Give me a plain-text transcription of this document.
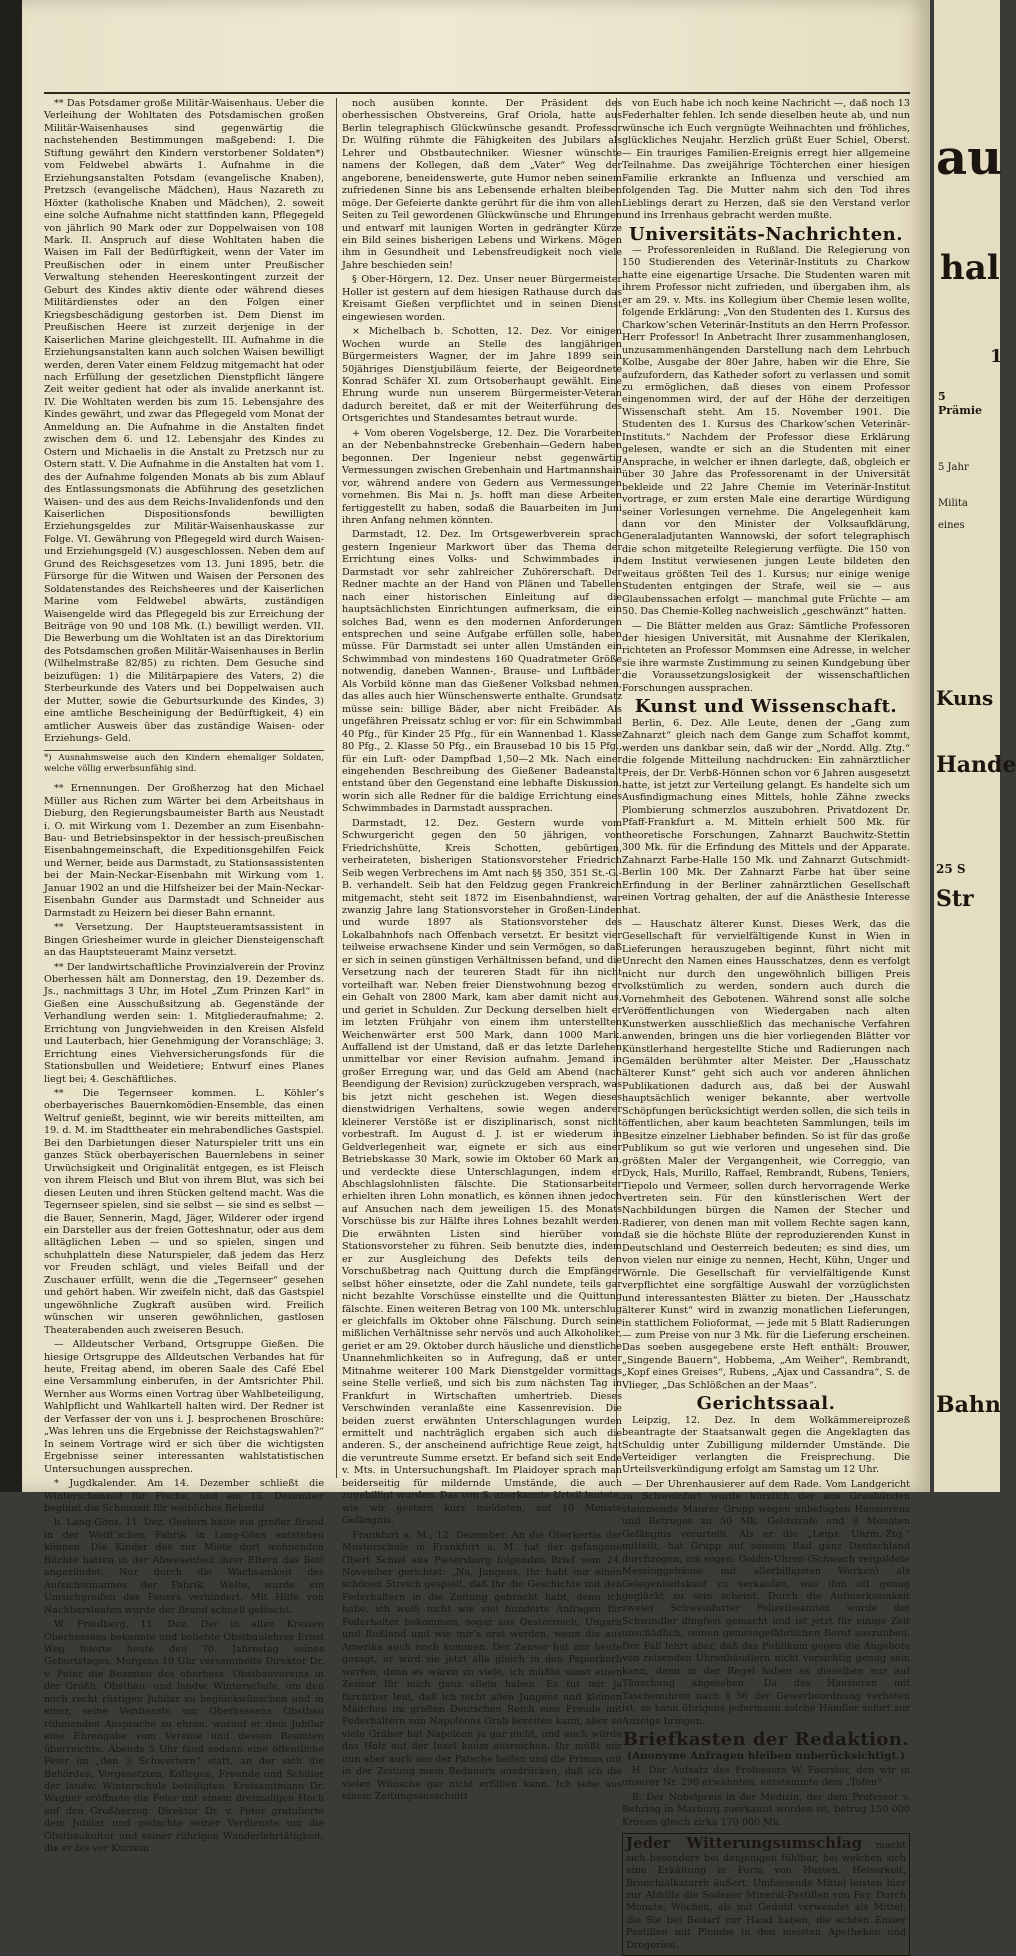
** Das Potsdamer große Militär-Waisenhaus. Ueber die Verleihung der Wohltaten des Potsdamischen großen Militär-Waisenhauses sind gegenwärtig die nachstehenden Bestimmungen maßgebend: I. Die Stiftung gewährt den Kindern verstorbener Soldaten*) vom Feldwebel abwärts 1. Aufnahme in die Erziehungsanstalten Potsdam (evangelische Knaben), Pretzsch (evangelische Mädchen), Haus Nazareth zu Höxter (katholische Knaben und Mädchen), 2. soweit eine solche Aufnahme nicht stattfinden kann, Pflegegeld von jährlich 90 Mark oder zur Doppelwaisen von 108 Mark. II. Anspruch auf diese Wohltaten haben die Waisen im Fall der Bedürftigkeit, wenn der Vater im Preußischen oder in einem unter Preußischer Verwaltung stehenden Heereskontingent zurzeit der Geburt des Kindes aktiv diente oder während dieses Militärdienstes oder an den Folgen einer Kriegsbeschädigung gestorben ist. Dem Dienst im Preußischen Heere ist zurzeit derjenige in der Kaiserlichen Marine gleichgestellt. III. Aufnahme in die Erziehungsanstalten kann auch solchen Waisen bewilligt werden, deren Vater einem Feldzug mitgemacht hat oder nach Erfüllung der gesetzlichen Dienstpflicht längere Zeit weiter gedient hat oder als invalide anerkannt ist. IV. Die Wohltaten werden bis zum 15. Lebensjahre des Kindes gewährt, und zwar das Pflegegeld vom Monat der Anmeldung an. Die Aufnahme in die Anstalten findet zwischen dem 6. und 12. Lebensjahr des Kindes zu Ostern und Michaelis in die Anstalt zu Pretzsch nur zu Ostern statt. V. Die Aufnahme in die Anstalten hat vom 1. des der Aufnahme folgenden Monats ab bis zum Ablauf des Entlassungsmonats die Abführung des gesetzlichen Waisen- und des aus dem Reichs-Invalidenfonds und den Kaiserlichen Dispositionsfonds bewilligten Erziehungsgeldes zur Militär-Waisenhauskasse zur Folge. VI. Gewährung von Pflegegeld wird durch Waisen- und Erziehungsgeld (V.) ausgeschlossen. Neben dem auf Grund des Reichsgesetzes vom 13. Juni 1895, betr. die Fürsorge für die Witwen und Waisen der Personen des Soldatenstandes des Reichsheeres und der Kaiserlichen Marine vom Feldwebel abwärts, zuständigen Waisengelde wird das Pflegegeld bis zur Erreichung der Beiträge von 90 und 108 Mk. (I.) bewilligt werden. VII. Die Bewerbung um die Wohltaten ist an das Direktorium des Potsdamschen großen Militär-Waisenhauses in Berlin (Wilhelmstraße 82/85) zu richten. Dem Gesuche sind beizufügen: 1) die Militärpapiere des Vaters, 2) die Sterbeurkunde des Vaters und bei Doppelwaisen auch der Mutter, sowie die Geburtsurkunde des Kindes, 3) eine amtliche Bescheinigung der Bedürftigkeit, 4) ein amtlicher Ausweis über das zuständige Waisen- oder Erziehungs- Geld.

*) Ausnahmsweise auch den Kindern ehemaliger Soldaten, welche völlig erwerbsunfähig sind.

** Ernennungen. Der Großherzog hat den Michael Müller aus Richen zum Wärter bei dem Arbeitshaus in Dieburg, den Regierungsbaumeister Barth aus Neustadt i. O. mit Wirkung vom 1. Dezember an zum Eisenbahn-Bau- und Betriebsinspektor in der hessisch-preußischen Eisenbahngemeinschaft, die Expeditionsgehilfen Feick und Werner, beide aus Darmstadt, zu Stationsassistenten bei der Main-Neckar-Eisenbahn mit Wirkung vom 1. Januar 1902 an und die Hilfsheizer bei der Main-Neckar-Eisenbahn Gunder aus Darmstadt und Schneider aus Darmstadt zu Heizern bei dieser Bahn ernannt.

** Versetzung. Der Hauptsteueramtsassistent in Bingen Griesheimer wurde in gleicher Diensteigenschaft an das Hauptsteueramt Mainz versetzt.

** Der landwirtschaftliche Provinzialverein der Provinz Oberhessen hält am Donnerstag, den 19. Dezember ds. Js., nachmittags 3 Uhr, im Hotel „Zum Prinzen Karl“ in Gießen eine Ausschußsitzung ab. Gegenstände der Verhandlung werden sein: 1. Mitgliederaufnahme; 2. Errichtung von Jungviehweiden in den Kreisen Alsfeld und Lauterbach, hier Genehmigung der Voranschläge; 3. Errichtung eines Viehversicherungsfonds für die Stationsbullen und Weidetiere; Entwurf eines Planes liegt bei; 4. Geschäftliches.

** Die Tegernseer kommen. L. Köhler’s oberbayerisches Bauernkomödien-Ensemble, das einen Weltruf genießt, beginnt, wie wir bereits mitteilten, am 19. d. M. im Stadttheater ein mehrabendliches Gastspiel. Bei den Darbietungen dieser Naturspieler tritt uns ein ganzes Stück oberbayerischen Bauernlebens in seiner Urwüchsigkeit und Originalität entgegen, es ist Fleisch von ihrem Fleisch und Blut von ihrem Blut, was sich bei diesen Leuten und ihren Stücken geltend macht. Was die Tegernseer spielen, sind sie selbst — sie sind es selbst — die Bauer, Sennerin, Magd, Jäger, Wilderer oder irgend ein Darsteller aus der freien Gotteshnatur, oder aus dem alltäglichen Leben — und so spielen, singen und schuhplatteln diese Naturspieler, daß jedem das Herz vor Freuden schlägt, und vieles Beifall und der Zuschauer erfüllt, wenn die die „Tegernseer“ gesehen und gehört haben. Wir zweifeln nicht, daß das Gastspiel ungewöhnliche Zugkraft ausüben wird. Freilich wünschen wir unseren gewöhnlichen, gastlosen Theaterabenden auch zweiseren Besuch.

— Alldeutscher Verband, Ortsgruppe Gießen. Die hiesige Ortsgruppe des Alldeutschen Verbandes hat für heute, Freitag abend, im oberen Saale des Café Ebel eine Versammlung einberufen, in der Amtsrichter Phil. Wernher aus Worms einen Vortrag über Wahlbeteiligung, Wahlpflicht und Wahlkartell halten wird. Der Redner ist der Verfasser der von uns i. J. besprochenen Broschüre: „Was lehren uns die Ergebnisse der Reichstagswahlen?“ In seinem Vortrage wird er sich über die wichtigsten Ergebnisse seiner interessanten wahlstatistischen Untersuchungen aussprechen.

* Jugdkalender. Am 14. Dezember schließt die Winterschonzeit für Fische, und am 15. Dezember beginnt die Schonzeit für weibliches Rehwild.

b. Lang-Göns, 11. Dez. Gestern hätte ein großer Brand in der Wolff’schen Fabrik in Lang-Göns entstehen können. Die Kinder des zur Miete dort wohnenden Büchte hatten in der Abwesenheit ihrer Eltern das Bett angezündet. Nur durch die Wachsamkeit des Aufsichtsmannes der Fabrik, Welte, wurde ein Umsichgreifen des Feuers verhindert. Mit Hilfe von Nachbarsleuten wurde der Brand schnell gelöscht.

W. Friedberg, 11. Dez. Der in allen Kreisen Oberhessens bekannte und beliebte Obstbaulehrer Ernst Weg feierte heute den 70. Jahrestag seines Geburtstages. Morgens 10 Uhr versammelte Direktor Dr. v. Peter die Beamten des oberhess. Obstbauvereins in der Großh. Obstbau- und landw. Winterschule, um den noch recht rüstigen Jubilar zu beglückwünschen und in einer, seine Verdienste um Oberhessens Obstbau rühmenden Ansprache zu ehren, worauf er dem Jubilar eine Ehrengabe vom Vereine und dessen Beamten überreichte. Abends 5 Uhr fand sodann eine öffentliche Feier im „den 3 Schwertern“ statt, an der sich die Behörden, Vorgesetzten, Kollegen, Freunde und Schüler der landw. Winterschule beteiligten. Kreisamtmann Dr. Wagner eröffnete die Feier mit einem dreimaligen Hoch auf den Großherzog. Direktor Dr. v. Peter gratulierte dem Jubilar und gedachte seiner Verdienste um die Obstbaukultur und seiner rührigen Wanderlehrtätigkeit, die er bis vor Kurzem

noch ausüben konnte. Der Präsident des oberhessischen Obstvereins, Graf Oriola, hatte aus Berlin telegraphisch Glückwünsche gesandt. Professor Dr. Wülfing rühmte die Fähigkeiten des Jubilars als Lehrer und Obstbautechniker. Wiesner wünschte namens der Kollegen, daß dem „Vater“ Weg der angeborene, beneidenswerte, gute Humor neben seinem zufriedenen Sinne bis ans Lebensende erhalten bleiben möge. Der Gefeierte dankte gerührt für die ihm von allen Seiten zu Teil gewordenen Glückwünsche und Ehrungen und entwarf mit launigen Worten in gedrängter Kürze ein Bild seines bisherigen Lebens und Wirkens. Mögen ihm in Gesundheit und Lebensfreudigkeit noch viele Jahre beschieden sein!

§ Ober-Hörgern, 12. Dez. Unser neuer Bürgermeister Holler ist gestern auf dem hiesigen Rathause durch das Kreisamt Gießen verpflichtet und in seinen Dienst eingewiesen worden.

× Michelbach b. Schotten, 12. Dez. Vor einigen Wochen wurde an Stelle des langjährigen Bürgermeisters Wagner, der im Jahre 1899 sein 50jähriges Dienstjubiläum feierte, der Beigeordnete Konrad Schäfer XI. zum Ortsoberhaupt gewählt. Eine Ehrung wurde nun unserem Bürgermeister-Veteran dadurch bereitet, daß er mit der Weiterführung des Ortsgerichtes und Standesamtes betraut wurde.

+ Vom oberen Vogelsberge, 12. Dez. Die Vorarbeiten an der Nebenbahnstrecke Grebenhain—Gedern haben begonnen. Der Ingenieur nebst gegenwärtig Vermessungen zwischen Grebenhain und Hartmannshain vor, während andere von Gedern aus Vermessungen vornehmen. Bis Mai n. Js. hofft man diese Arbeiten fertiggestellt zu haben, sodaß die Bauarbeiten im Juni ihren Anfang nehmen könnten.

Darmstadt, 12. Dez. Im Ortsgewerbverein sprach gestern Ingenieur Markwort über das Thema der Errichtung eines Volks- und Schwimmbades in Darmstadt vor sehr zahlreicher Zuhörerschaft. Der Redner machte an der Hand von Plänen und Tabellen nach einer historischen Einleitung auf die hauptsächlichsten Einrichtungen aufmerksam, die ein solches Bad, wenn es den modernen Anforderungen entsprechen und seine Aufgabe erfüllen solle, haben müsse. Für Darmstadt sei unter allen Umständen ein Schwimmbad von mindestens 160 Quadratmeter Größe notwendig, daneben Wannen-, Brause- und Luftbäder. Als Vorbild könne man das Gießener Volksbad nehmen, das alles auch hier Wünschenswerte enthalte. Grundsatz müsse sein: billige Bäder, aber nicht Freibäder. Als ungefähren Preissatz schlug er vor: für ein Schwimmbad 40 Pfg., für Kinder 25 Pfg., für ein Wannenbad 1. Klasse 80 Pfg., 2. Klasse 50 Pfg., ein Brausebad 10 bis 15 Pfg., für ein Luft- oder Dampfbad 1,50—2 Mk. Nach einer eingehenden Beschreibung des Gießener Badeanstalt entstand über den Gegenstand eine lebhafte Diskussion, worin sich alle Redner für die baldige Errichtung eines Schwimmbades in Darmstadt aussprachen.

Darmstadt, 12. Dez. Gestern wurde vom Schwurgericht gegen den 50 jährigen, von Friedrichshütte, Kreis Schotten, gebürtigen, verheirateten, bisherigen Stationsvorsteher Friedrich Seib wegen Verbrechens im Amt nach §§ 350, 351 St.-G.-B. verhandelt. Seib hat den Feldzug gegen Frankreich mitgemacht, steht seit 1872 im Eisenbahndienst, war zwanzig Jahre lang Stationsvorsteher in Großen-Linden und wurde 1897 als Stationsvorsteher des Lokalbahnhofs nach Offenbach versetzt. Er besitzt vier teilweise erwachsene Kinder und sein Vermögen, so daß er sich in seinen günstigen Verhältnissen befand, und die Versetzung nach der teureren Stadt für ihn nicht vorteilhaft war. Neben freier Dienstwohnung bezog er ein Gehalt von 2800 Mark, kam aber damit nicht aus, und geriet in Schulden. Zur Deckung derselben hielt er im letzten Frühjahr von einem ihm unterstellten Weichenwärter erst 500 Mark, dann 1000 Mark. Auffallend ist der Umstand, daß er das letzte Darlehen unmittelbar vor einer Revision aufnahm. Jemand in großer Erregung war, und das Geld am Abend (nach Beendigung der Revision) zurückzugeben versprach, was bis jetzt nicht geschehen ist. Wegen dieses dienstwidrigen Verhaltens, sowie wegen anderer kleinerer Verstöße ist er disziplinarisch, sonst nicht vorbestraft. Im August d. J. ist er wiederum in Geldverlegenheit war, eignete er sich aus einer Betriebskasse 30 Mark, sowie im Oktober 60 Mark an, und verdeckte diese Unterschlagungen, indem er Abschlagslohnlisten fälschte. Die Stationsarbeiter erhielten ihren Lohn monatlich, es können ihnen jedoch auf Ansuchen nach dem jeweiligen 15. des Monats Vorschüsse bis zur Hälfte ihres Lohnes bezahlt werden. Die erwähnten Listen sind hierüber vom Stationsvorsteher zu führen. Seib benutzte dies, indem er zur Ausgleichung des Defekts teils den Vorschußbetrag nach Quittung durch die Empfänger selbst höher einsetzte, oder die Zahl nundete, teils gar nicht bezahlte Vorschüsse einstellte und die Quittung fälschte. Einen weiteren Betrag von 100 Mk. unterschlug er gleichfalls im Oktober ohne Fälschung. Durch seine mißlichen Verhältnisse sehr nervös und auch Alkoholiker, geriet er am 29. Oktober durch häusliche und dienstliche Unannehmlichkeiten so in Aufregung, daß er unter Mitnahme weiterer 100 Mark Dienstgelder vormittags seine Stelle verließ, und sich bis zum nächsten Tag in Frankfurt in Wirtschaften umhertrieb. Dieses Verschwinden veranlaßte eine Kassenrevision. Die beiden zuerst erwähnten Unterschlagungen wurden ermittelt und nachträglich ergaben sich auch die anderen. S., der anscheinend aufrichtige Reue zeigt, hat die veruntreute Summe ersetzt. Er befand sich seit Ende v. Mts. in Untersuchungshaft. Im Plaidoyer sprach man beiderseitig für mildernde Umstände, die auch zugebilligt wurden. Das von S. anerkannte Urteil lautete, wie wir gestern kurz meldeten, auf 10 Monate Gefängnis.

Frankfurt a. M., 12. Dezember. An die Oberkertia der Musterschule in Frankfurt a. M. hat der gefangene Obert Schiel aus Pietersburg folgenden Brief vom 24. November gerichtet: „Na, Jungens, Ihr habt mir einen schönen Streich gespielt, daß Ihr die Geschichte mit den Federhaltern in die Zeitung gebracht habt, denn ich habe, ich weiß nicht wie viel hunderte Anfragen für Federhalter bekommen, sogar aus Oesterreich, Ungarn und Rußland und wie mir’s erst werden, wenn die aus Amerika auch noch kommen. Der Zensor hat mir heute gesagt, er wird sie jetzt alle gleich in den Papierkorb werfen, denn es wären zu viele, ich müßte sonst einen Zensor für mich ganz allein haben. Es tut mir ja furchtbar leid, daß ich nicht allen Jungens und kleinen Mädchen im großen Deutschen Reich eine Freude mit Federhaltern von Napoleons Grab bereiten kann, aber so viele Gräber hat Napoleon ja gar nicht, und auch würde das Holz auf der Insel kaum ausreichen. Ihr müßt mir nun aber auch aus der Patsche helfen und die Primus mit in der Zeitung mein Bedauern ausdrücken, daß ich die vielen Wünsche gar nicht erfüllen kann. Ich sehe aus einem Zeitungsausschnitt

von Euch habe ich noch keine Nachricht —, daß noch 13 Federhalter fehlen. Ich sende dieselben heute ab, und nun wünsche ich Euch vergnügte Weihnachten und fröhliches, glückliches Neujahr. Herzlich grüßt Euer Schiel, Oberst. — Ein trauriges Familien-Ereignis erregt hier allgemeine Teilnahme. Das zweijährige Töchterchen einer hiesigen Familie erkrankte an Influenza und verschied am folgenden Tag. Die Mutter nahm sich den Tod ihres Lieblings derart zu Herzen, daß sie den Verstand verlor und ins Irrenhaus gebracht werden mußte.

Universitäts-Nachrichten.

— Professorenleiden in Rußland. Die Relegierung von 150 Studierenden des Veterinär-Instituts zu Charkow hatte eine eigenartige Ursache. Die Studenten waren mit ihrem Professor nicht zufrieden, und übergaben ihm, als er am 29. v. Mts. ins Kollegium über Chemie lesen wollte, folgende Erklärung: „Von den Studenten des 1. Kursus des Charkow’schen Veterinär-Instituts an den Herrn Professor. Herr Professor! In Anbetracht Ihrer zusammenhanglosen, unzusammenhängenden Darstellung nach dem Lehrbuch Kolbe, Ausgabe der 80er Jahre, haben wir die Ehre, Sie aufzufordern, das Katheder sofort zu verlassen und somit zu ermöglichen, daß dieses von einem Professor eingenommen wird, der auf der Höhe der derzeitigen Wissenschaft steht. Am 15. November 1901. Die Studenten des 1. Kursus des Charkow’schen Veterinär-Instituts.“ Nachdem der Professor diese Erklärung gelesen, wandte er sich an die Studenten mit einer Ansprache, in welcher er ihnen darlegte, daß, obgleich er über 30 Jahre das Professorenamt in der Universität bekleide und 22 Jahre Chemie im Veterinär-Institut vortrage, er zum ersten Male eine derartige Würdigung seiner Vorlesungen vernehme. Die Angelegenheit kam dann vor den Minister der Volksaufklärung, Generaladjutanten Wannowski, der sofort telegraphisch die schon mitgeteilte Relegierung verfügte. Die 150 von dem Institut verwiesenen jungen Leute bildeten den weitaus größten Teil des 1. Kursus; nur einige wenige Studenten entgingen der Strafe, weil sie — aus Glaubenssachen erfolgt — manchmal gute Früchte — am 50. Das Chemie-Kolleg nachweislich „geschwänzt“ hatten.

— Die Blätter melden aus Graz: Sämtliche Professoren der hiesigen Universität, mit Ausnahme der Klerikalen, richteten an Professor Mommsen eine Adresse, in welcher sie ihre warmste Zustimmung zu seinen Kundgebung über die Voraussetzungslosigkeit der wissenschaftlichen Forschungen aussprachen.

Kunst und Wissenschaft.

Berlin, 6. Dez. Alle Leute, denen der „Gang zum Zahnarzt“ gleich nach dem Gange zum Schaffot kommt, werden uns dankbar sein, daß wir der „Nordd. Allg. Ztg.“ die folgende Mitteilung nachdrucken: Ein zahnärztlicher Preis, der Dr. Verbß-Hönnen schon vor 6 Jahren ausgesetzt hatte, ist jetzt zur Verteilung gelangt. Es handelte sich um Ausfindigmachung eines Mittels, hohle Zähne zwecks Plombierung schmerzlos auszubohren. Privatdozent Dr. Pfaff-Frankfurt a. M. Mitteln erhielt 500 Mk. für theoretische Forschungen, Zahnarzt Bauchwitz-Stettin 300 Mk. für die Erfindung des Mittels und der Apparate. Zahnarzt Farbe-Halle 150 Mk. und Zahnarzt Gutschmidt-Berlin 100 Mk. Der Zahnarzt Farbe hat über seine Erfindung in der Berliner zahnärztlichen Gesellschaft einen Vortrag gehalten, der auf die Anästhesie Interesse hat.

— Hauschatz älterer Kunst. Dieses Werk, das die Gesellschaft für vervielfältigende Kunst in Wien in Lieferungen herauszugeben beginnt, führt nicht mit Unrecht den Namen eines Hausschatzes, denn es verfolgt nicht nur durch den ungewöhnlich billigen Preis volkstümlich zu werden, sondern auch durch die Vornehmheit des Gebotenen. Während sonst alle solche Veröffentlichungen von Wiedergaben nach alten Kunstwerken ausschließlich das mechanische Verfahren anwenden, bringen uns die hier vorliegenden Blätter vor Künstlerhand hergestellte Stiche und Radierungen nach Gemälden berühmter alter Meister. Der „Hausschatz älterer Kunst“ geht sich auch vor anderen ähnlichen Publikationen dadurch aus, daß bei der Auswahl hauptsächlich weniger bekannte, aber wertvolle Schöpfungen berücksichtigt werden sollen, die sich teils in öffentlichen, aber kaum beachteten Sammlungen, teils im Besitze einzelner Liebhaber befinden. So ist für das große Publikum so gut wie verloren und ungesehen sind. Die größten Maler der Vergangenheit, wie Correggio, van Dyck, Hals, Murillo, Raffael, Rembrandt, Rubens, Teniers, Tiepolo und Vermeer, sollen durch hervorragende Werke vertreten sein. Für den künstlerischen Wert der Nachbildungen bürgen die Namen der Stecher und Radierer, von denen man mit vollem Rechte sagen kann, daß sie die höchste Blüte der reproduzierenden Kunst in Deutschland und Oesterreich bedeuten; es sind dies, um von vielen nur einige zu nennen, Hecht, Kühn, Unger und Wörnle. Die Gesellschaft für vervielfältigende Kunst verpflichtet eine sorgfältige Auswahl der vorzüglichsten und interessantesten Blätter zu bieten. Der „Hausschatz älterer Kunst“ wird in zwanzig monatlichen Lieferungen, in stattlichem Folioformat, — jede mit 5 Blatt Radierungen — zum Preise von nur 3 Mk. für die Lieferung erscheinen. Das soeben ausgegebene erste Heft enthält: Brouwer, „Singende Bauern“, Hobbema, „Am Weiher“, Rembrandt, „Kopf eines Greises“, Rubens, „Ajax und Cassandra“, S. de Vlieger, „Das Schlößchen an der Maas“.

Gerichtssaal.

Leipzig, 12. Dez. In dem Wolkämmereiprozeß beantragte der Staatsanwalt gegen die Angeklagten das Schuldig unter Zubilligung mildernder Umstände. Die Verteidiger verlangten die Freisprechung. Die Urteilsverkündigung erfolgt am Samstag um 12 Uhr.

— Der Uhrenhausierer auf dem Rade. Vom Landgericht zu Schweinfurt wurde kürzlich der aus Graubünden stammende Maurer Grupp wegen unbefugten Hausierens und Betruges zu 50 Mk. Geldstrafe und 8 Monaten Gefängnis verurteilt. Als er die „Leipz. Uhrm.-Ztg.“ mitteilt, hat Grupp auf seinem Rad ganz Deutschland durchzogen, um sogen. Goldin-Uhren (Schwach vergoldete Messinggehäuse mit allerbilligsten Werken) als Gelegenheitskauf zu verkaufen, was ihm oft genug geglückt zu sein scheint. Durch die Aufmerksamkeit zweier Schweinfurter Polizeibeamten wurde der Schwindler dingfest gemacht und ist jetzt für einige Zeit unschädlich, seinen gemeingefährlichen Beruf auszuüben. Der Fall lehrt aber, daß das Publikum gegen die Angebote von reisenden Uhrenhändlern nicht vorsichtig genug sein kann, denn in der Regel haben es dieselben nur auf Täuschung abgesehen. Da das Hausieren mit Taschenuhren nach § 56 der Gewerbeordnung verboten ist, so kann übrigens jedermann solche Händler sofort zur Anzeige bringen.

Briefkasten der Redaktion.
(Anonyme Anfragen bleiben unberücksichtigt.)

H. Der Aufsatz des Professors W. Foerster, den wir in unserer Nr. 290 erwähnten, entstammte dem „Tofen“.

B. Der Nobelpreis in der Medizin, der dem Professor v. Behring in Marburg zuerkannt worden ist, betrug 150 000 Kronen gleich zirka 170 000 Mk.

Jeder Witterungsumschlag macht sich besonders bei denjenigen fühlbar, bei welchen sich eine Erkältung in Form von Husten, Heiserkeit, Bronchialkatarrh äußert. Umfassende Mittel leisten hier zur Abhilfe die Sodener Mineral-Pastillen von Fay. Durch Monate, Wochen, als mit Geduld verwendet als Mittel, die Sie bei Bedarf zur Hand haben, die echten Emser Pastillen mit Plombe in den meisten Apotheken und Drogerien.
au
hal
1
5
Prämie
5 Jahr
Milita
eines
Kuns
Hande
25 S
Str
Bahn
